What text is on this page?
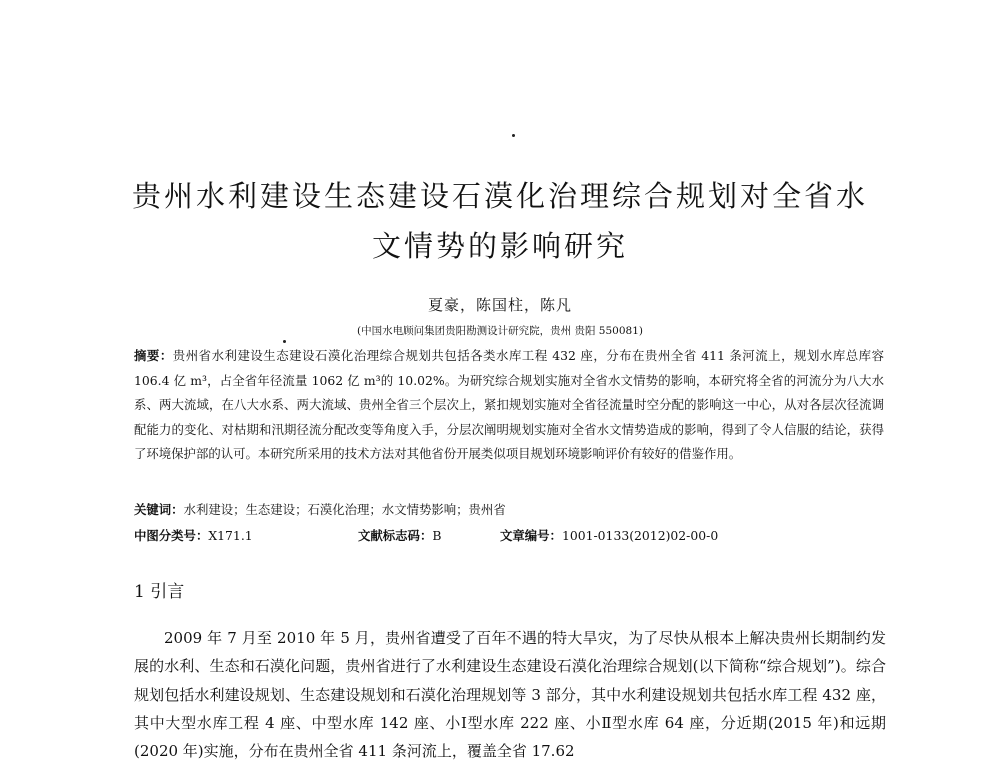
贵州水利建设生态建设石漠化治理综合规划对全省水
文情势的影响研究
夏豪，陈国柱，陈凡
(中国水电顾问集团贵阳勘测设计研究院，贵州 贵阳 550081)

摘要：贵州省水利建设生态建设石漠化治理综合规划共包括各类水库工程 432 座，分布在贵州全省 411 条河流上，规划水库总库容 106.4 亿 m³，占全省年径流量 1062 亿 m³的 10.02%。为研究综合规划实施对全省水文情势的影响，本研究将全省的河流分为八大水系、两大流域，在八大水系、两大流域、贵州全省三个层次上，紧扣规划实施对全省径流量时空分配的影响这一中心，从对各层次径流调配能力的变化、对枯期和汛期径流分配改变等角度入手，分层次阐明规划实施对全省水文情势造成的影响，得到了令人信服的结论，获得了环境保护部的认可。本研究所采用的技术方法对其他省份开展类似项目规划环境影响评价有较好的借鉴作用。

关键词：水利建设；生态建设；石漠化治理；水文情势影响；贵州省
中图分类号：X171.1	文献标志码：B	文章编号：1001-0133(2012)02-00-0
1 引言

2009 年 7 月至 2010 年 5 月，贵州省遭受了百年不遇的特大旱灾，为了尽快从根本上解决贵州长期制约发展的水利、生态和石漠化问题，贵州省进行了水利建设生态建设石漠化治理综合规划(以下简称“综合规划”)。综合规划包括水利建设规划、生态建设规划和石漠化治理规划等 3 部分，其中水利建设规划共包括水库工程 432 座，其中大型水库工程 4 座、中型水库 142 座、小Ⅰ型水库 222 座、小Ⅱ型水库 64 座，分近期(2015 年)和远期(2020 年)实施，分布在贵州全省 411 条河流上，覆盖全省 17.62
